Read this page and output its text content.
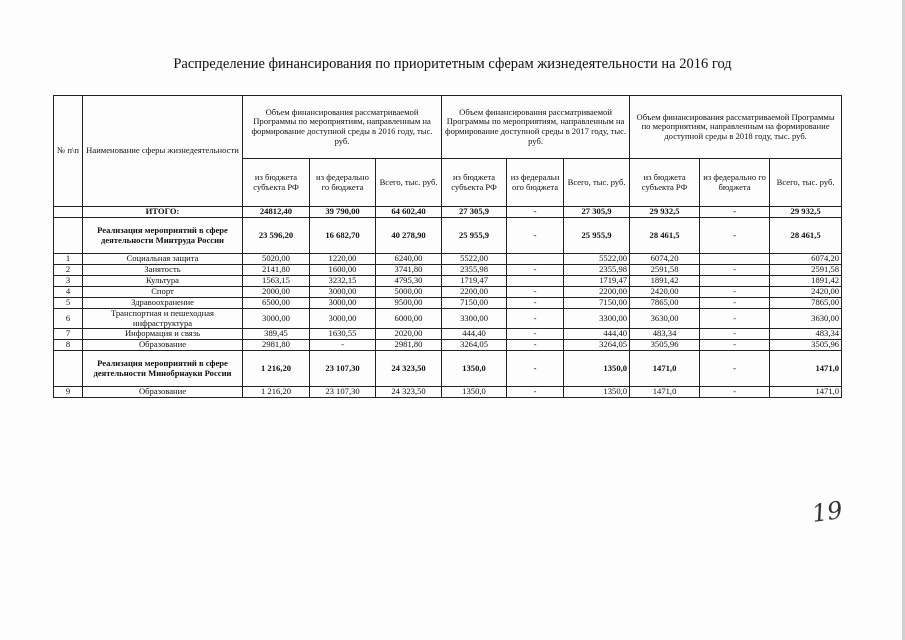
Распределение финансирования по приоритетным сферам жизнедеятельности на 2016 год
№ п\п	Наименование сферы жизнедеятельности	Объем финансирования рассматриваемой Программы по мероприятиям, направленным на формирование доступной среды в 2016 году, тыс. руб.			Объем финансирования рассматриваемой Программы по мероприятиям, направленным на формирование доступной среды в 2017 году, тыс. руб.			Объем финансирования рассматриваемой Программы по мероприятиям, направленным на формирование доступной среды в 2018 году, тыс. руб.		
		из бюджета субъекта РФ	из федерально го бюджета	Всего, тыс. руб.	из бюджета субъекта РФ	из федеральн ого бюджета	Всего, тыс. руб.	из бюджета субъекта РФ	из федерально го бюджета	Всего, тыс. руб.
	ИТОГО:	24812,40	39 790,00	64 602,40	27 305,9	-	27 305,9	29 932,5	-	29 932,5
	Реализация мероприятий в сфере деятельности Минтруда России	23 596,20	16 682,70	40 278,90	25 955,9	-	25 955,9	28 461,5	-	28 461,5
1	Социальная защита	5020,00	1220,00	6240,00	5522,00		5522,00	6074,20		6074,20
2	Занятость	2141,80	1600,00	3741,80	2355,98	-	2355,98	2591,58	-	2591,58
3	Культура	1563,15	3232,15	4795,30	1719,47		1719,47	1891,42		1891,42
4	Спорт	2000,00	3000,00	5000,00	2200,00	-	2200,00	2420,00	-	2420,00
5	Здравоохранение	6500,00	3000,00	9500,00	7150,00	-	7150,00	7865,00	-	7865,00
6	Транспортная и пешеходная инфраструктура	3000,00	3000,00	6000,00	3300,00	-	3300,00	3630,00	-	3630,00
7	Информация и связь	389,45	1630,55	2020,00	444,40	-	444,40	483,34	-	483,34
8	Образование	2981,80	-	2981,80	3264,05	-	3264,05	3505,96	-	3505,96
	Реализация мероприятий в сфере деятельности Минобрнауки России	1 216,20	23 107,30	24 323,50	1350,0	-	1350,0	1471,0	-	1471,0
9	Образование	1 216,20	23 107,30	24 323,50	1350,0	-	1350,0	1471,0	-	1471,0
19
